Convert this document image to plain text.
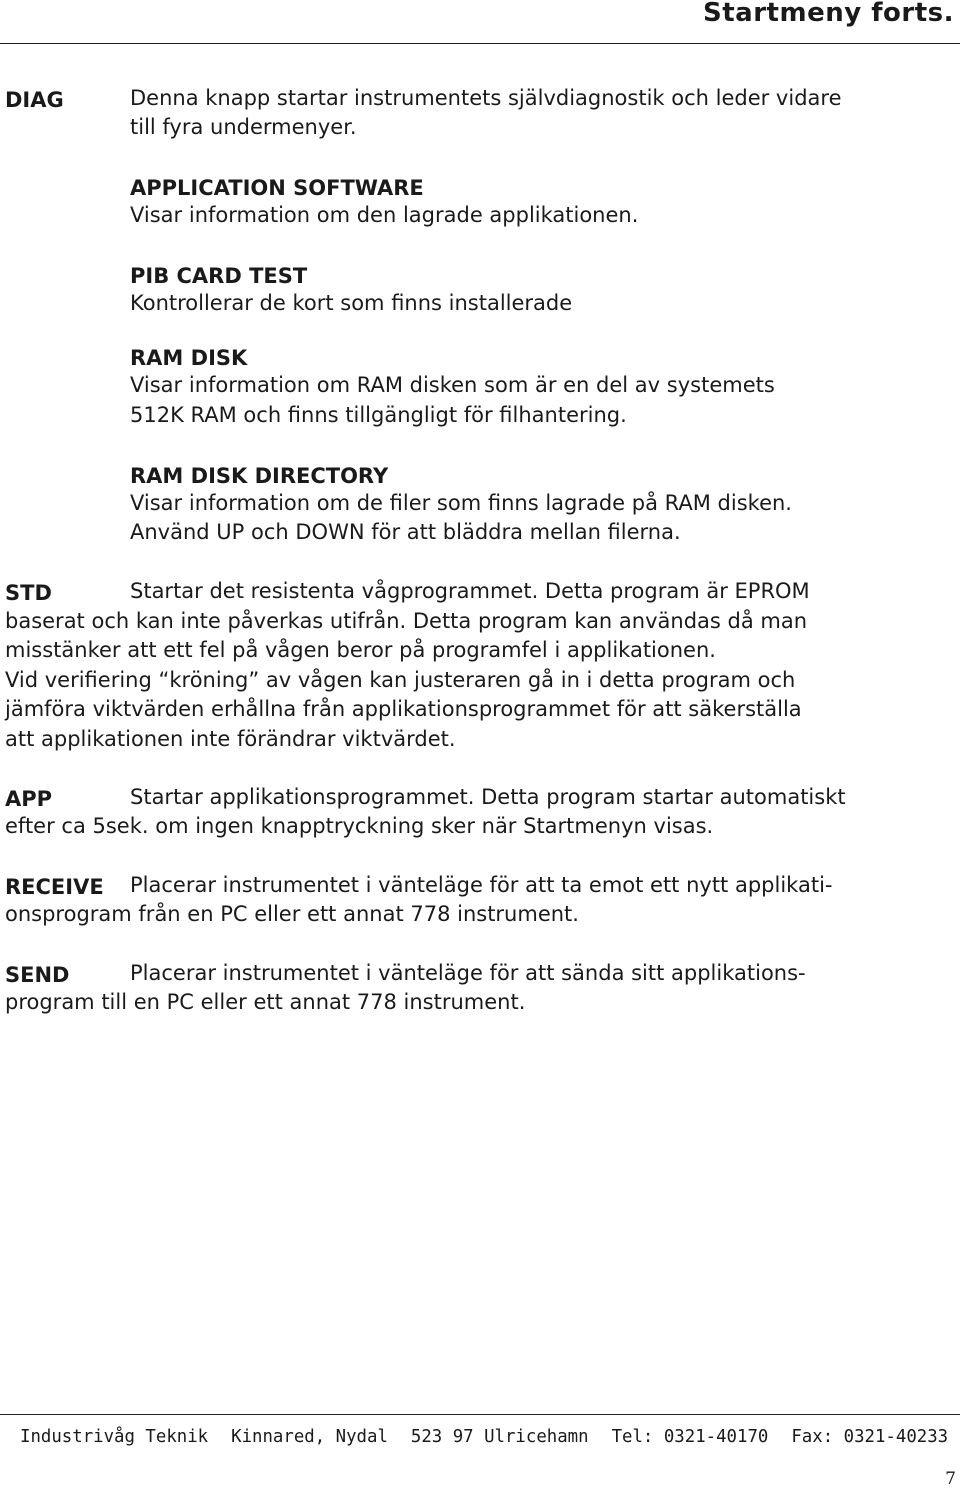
Startmeny forts.
DIAG	Denna knapp startar instrumentets självdiagnostik och leder vidare
till fyra undermenyer.
APPLICATION SOFTWARE
Visar information om den lagrade applikationen.
PIB CARD TEST
Kontrollerar de kort som finns installerade
RAM DISK
Visar information om RAM disken som är en del av systemets
512K RAM och finns tillgängligt för filhantering.
RAM DISK DIRECTORY
Visar information om de filer som finns lagrade på RAM disken.
Använd UP och DOWN för att bläddra mellan filerna.
STD	Startar det resistenta vågprogrammet. Detta program är EPROM
baserat och kan inte påverkas utifrån. Detta program kan användas då man
misstänker att ett fel på vågen beror på programfel i applikationen.
Vid verifiering “kröning” av vågen kan justeraren gå in i detta program och
jämföra viktvärden erhållna från applikationsprogrammet för att säkerställa
att applikationen inte förändrar viktvärdet.
APP	Startar applikationsprogrammet. Detta program startar automatiskt
efter ca 5sek. om ingen knapptryckning sker när Startmenyn visas.
RECEIVE Placerar instrumentet i vänteläge för att ta emot ett nytt applikati-
onsprogram från en PC eller ett annat 778 instrument.
SEND	Placerar instrumentet i vänteläge för att sända sitt applikations-
program till en PC eller ett annat 778 instrument.
Industrivåg Teknik Kinnared, Nydal 523 97 Ulricehamn Tel: 0321-40170 Fax: 0321-40233
7
